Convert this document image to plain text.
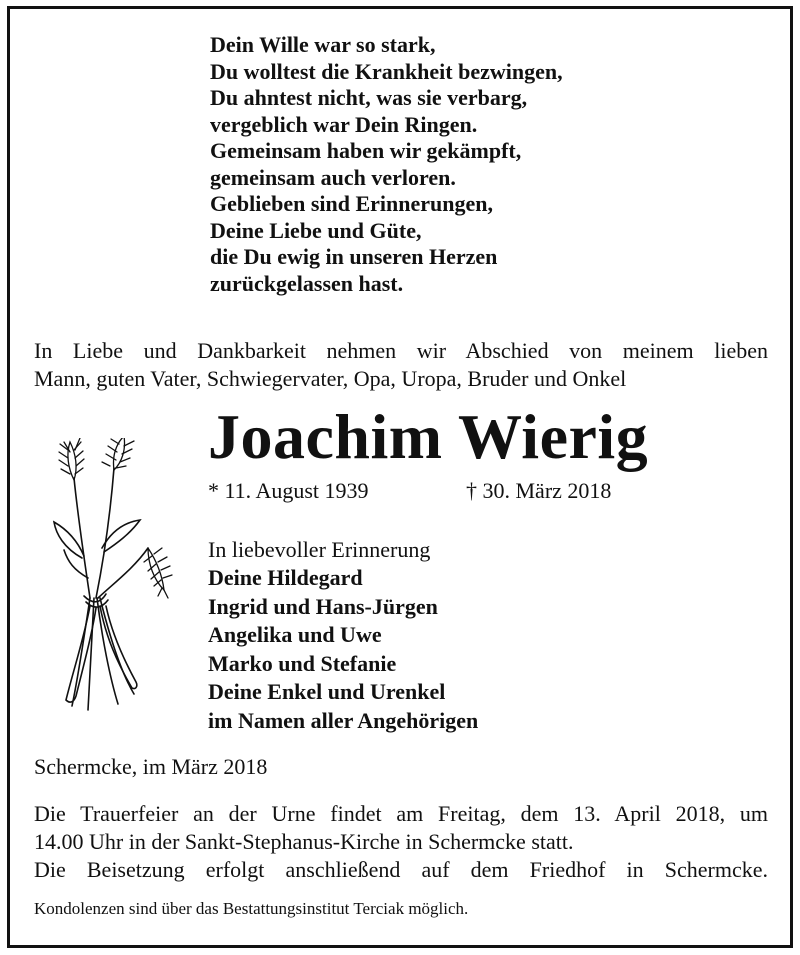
Dein Wille war so stark,
Du wolltest die Krankheit bezwingen,
Du ahntest nicht, was sie verbarg,
vergeblich war Dein Ringen.
Gemeinsam haben wir gekämpft,
gemeinsam auch verloren.
Geblieben sind Erinnerungen,
Deine Liebe und Güte,
die Du ewig in unseren Herzen
zurückgelassen hast.
In Liebe und Dankbarkeit nehmen wir Abschied von meinem lieben
Mann, guten Vater, Schwiegervater, Opa, Uropa, Bruder und Onkel
Joachim Wierig
* 11. August 1939	† 30. März 2018
In liebevoller Erinnerung
Deine Hildegard
Ingrid und Hans-Jürgen
Angelika und Uwe
Marko und Stefanie
Deine Enkel und Urenkel
im Namen aller Angehörigen
Schermcke, im März 2018
Die Trauerfeier an der Urne findet am Freitag, dem 13. April 2018, um
14.00 Uhr in der Sankt-Stephanus-Kirche in Schermcke statt.
Die Beisetzung erfolgt anschließend auf dem Friedhof in Schermcke.
Kondolenzen sind über das Bestattungsinstitut Terciak möglich.
